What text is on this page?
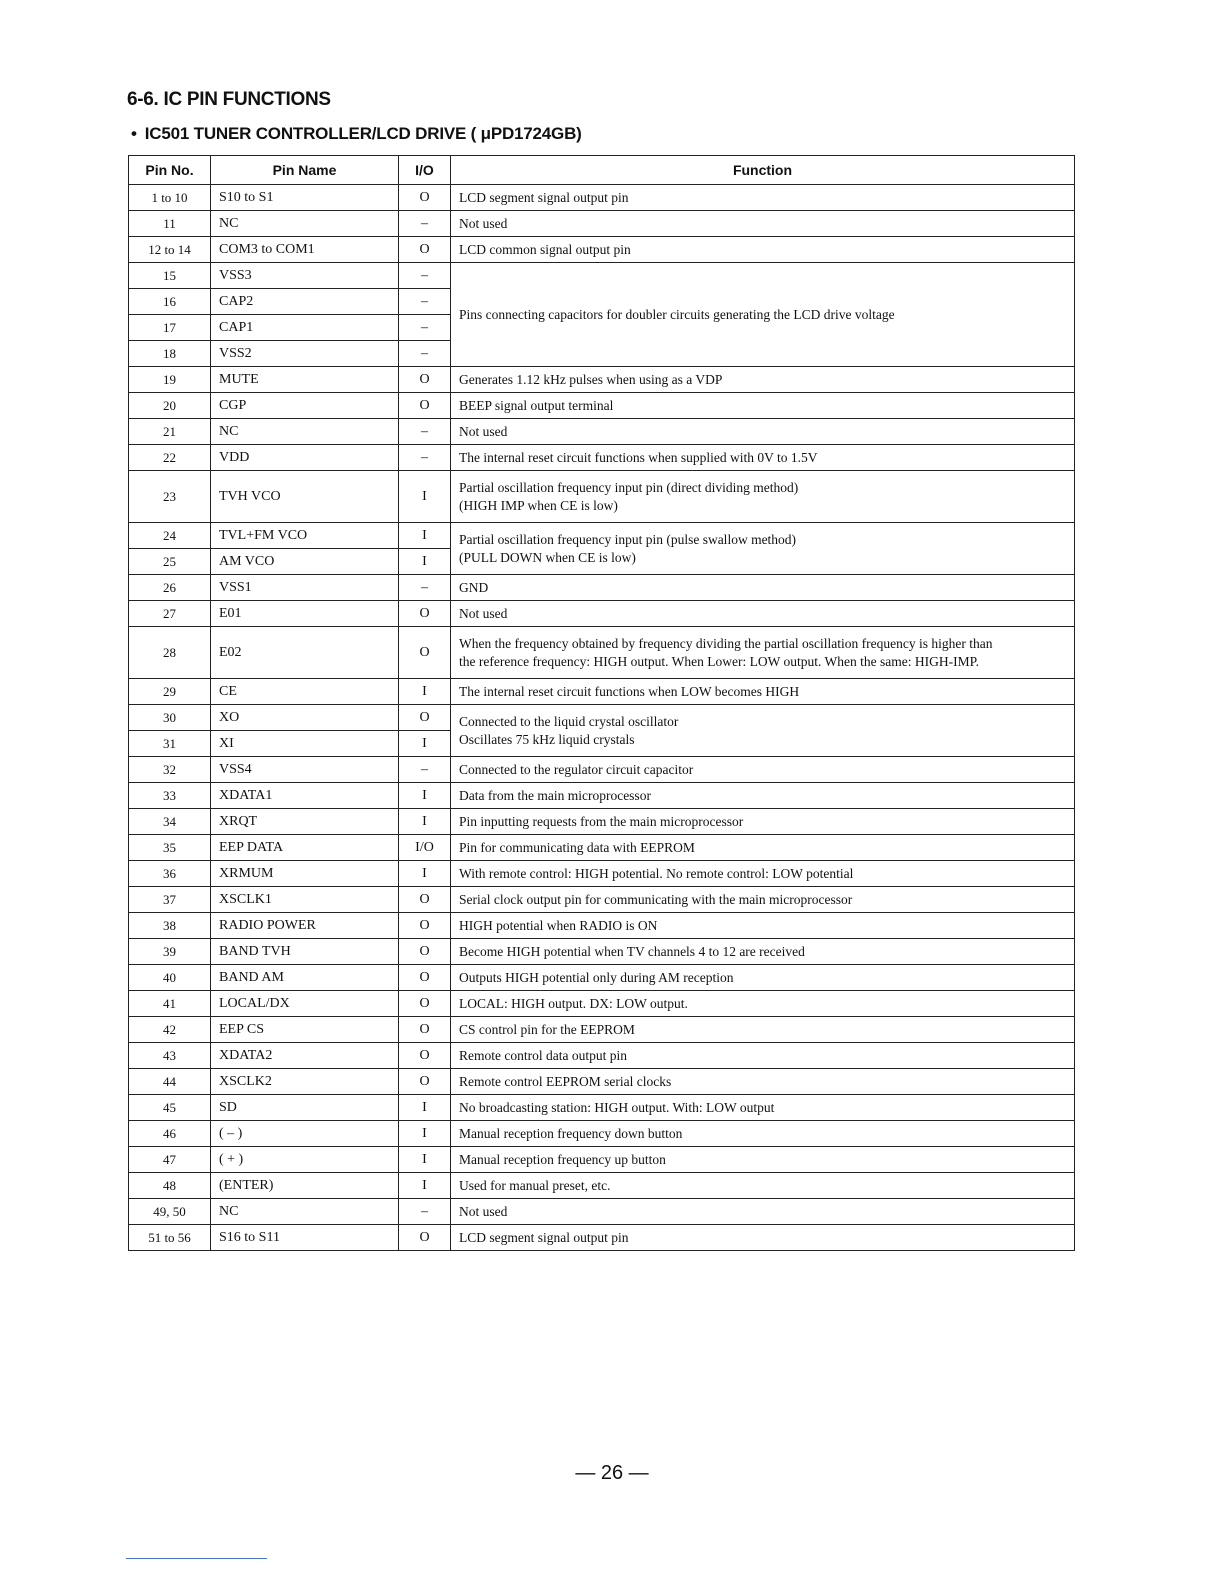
6-6. IC PIN FUNCTIONS
• IC501 TUNER CONTROLLER/LCD DRIVE ( μPD1724GB)
Pin No.	Pin Name	I/O	Function
1 to 10	S10 to S1	O	LCD segment signal output pin
11	NC	–	Not used
12 to 14	COM3 to COM1	O	LCD common signal output pin
15	VSS3	–	Pins connecting capacitors for doubler circuits generating the LCD drive voltage
16	CAP2	–	
17	CAP1	–	
18	VSS2	–	
19	MUTE	O	Generates 1.12 kHz pulses when using as a VDP
20	CGP	O	BEEP signal output terminal
21	NC	–	Not used
22	VDD	–	The internal reset circuit functions when supplied with 0V to 1.5V
23	TVH VCO	I	Partial oscillation frequency input pin (direct dividing method)
(HIGH IMP when CE is low)

24	TVL+FM VCO	I	Partial oscillation frequency input pin (pulse swallow method)
(PULL DOWN when CE is low)

25	AM VCO	I	
26	VSS1	–	GND
27	E01	O	Not used
28	E02	O	When the frequency obtained by frequency dividing the partial oscillation frequency is higher than
the reference frequency: HIGH output. When Lower: LOW output. When the same: HIGH-IMP.

29	CE	I	The internal reset circuit functions when LOW becomes HIGH
30	XO	O	Connected to the liquid crystal oscillator
Oscillates 75 kHz liquid crystals

31	XI	I	
32	VSS4	–	Connected to the regulator circuit capacitor
33	XDATA1	I	Data from the main microprocessor
34	XRQT	I	Pin inputting requests from the main microprocessor
35	EEP DATA	I/O	Pin for communicating data with EEPROM
36	XRMUM	I	With remote control: HIGH potential. No remote control: LOW potential
37	XSCLK1	O	Serial clock output pin for communicating with the main microprocessor
38	RADIO POWER	O	HIGH potential when RADIO is ON
39	BAND TVH	O	Become HIGH potential when TV channels 4 to 12 are received
40	BAND AM	O	Outputs HIGH potential only during AM reception
41	LOCAL/DX	O	LOCAL: HIGH output. DX: LOW output.
42	EEP CS	O	CS control pin for the EEPROM
43	XDATA2	O	Remote control data output pin
44	XSCLK2	O	Remote control EEPROM serial clocks
45	SD	I	No broadcasting station: HIGH output. With: LOW output
46	( – )	I	Manual reception frequency down button
47	( + )	I	Manual reception frequency up button
48	(ENTER)	I	Used for manual preset, etc.
49, 50	NC	–	Not used
51 to 56	S16 to S11	O	LCD segment signal output pin
— 26 —
